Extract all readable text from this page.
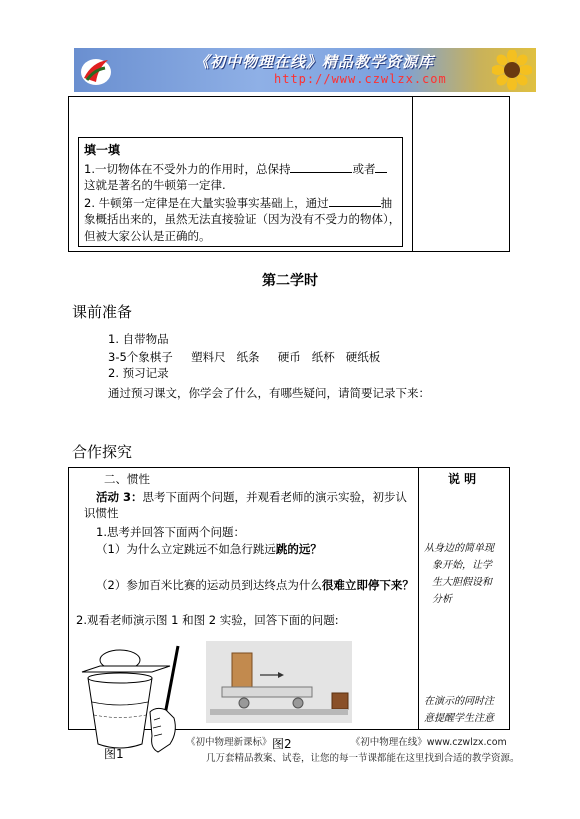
《初中物理在线》精品教学资源库
http://www.czwlzx.com
填一填
1.一切物体在不受外力的作用时，总保持	或者
这就是著名的牛顿第一定律.
2. 牛顿第一定律是在大量实验事实基础上，通过	抽
象概括出来的，虽然无法直接验证（因为没有不受力的物体），
但被大家公认是正确的。
第二学时
课前准备
1. 自带物品
3-5个象棋子 塑料尺 纸条 硬币 纸杯 硬纸板
2. 预习记录
通过预习课文，你学会了什么，有哪些疑问，请简要记录下来：
合作探究
说 明
二、惯性
活动 3：思考下面两个问题，并观看老师的演示实验，初步认
识惯性
1.思考并回答下面两个问题：
（1）为什么立定跳远不如急行跳远跳的远？
（2）参加百米比赛的运动员到达终点为什么很难立即停下来？
2.观看老师演示图 1 和图 2 实验，回答下面的问题:
从身边的简单现
象开始，让学
生大胆假设和
分析
在演示的同时注
意提醒学生注意
《初中物理新课标》	《初中物理在线》www.czwlzx.com
几万套精品教案、试卷，让您的每一节课都能在这里找到合适的教学资源。
图1
图2
